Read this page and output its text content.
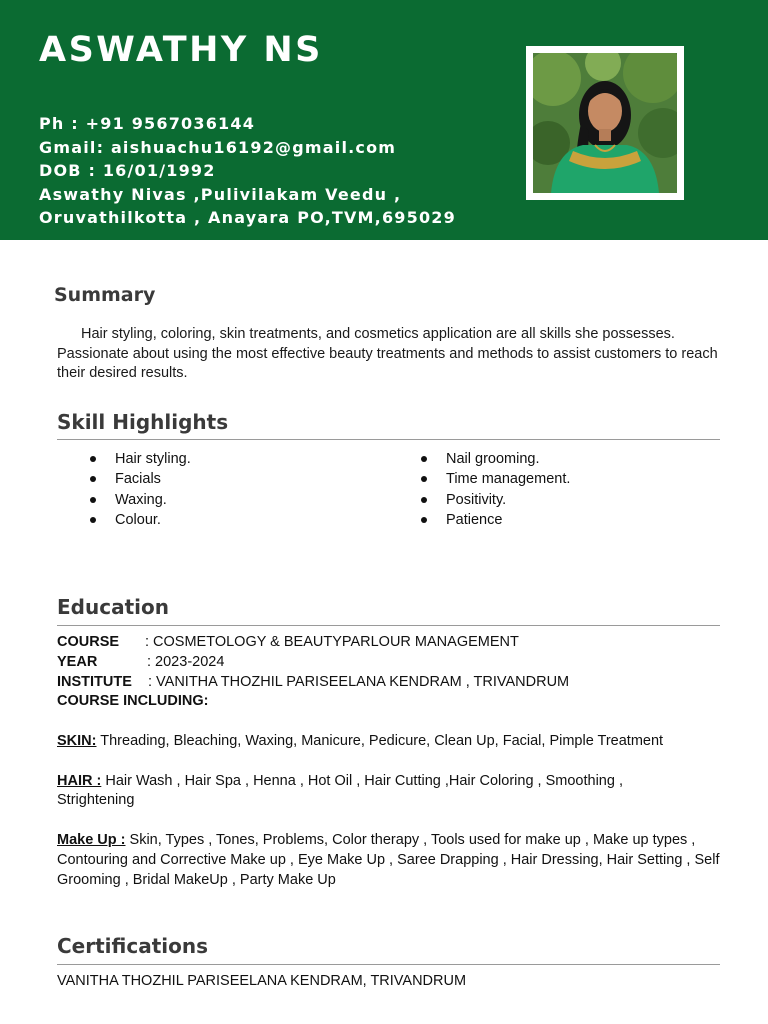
ASWATHY NS
Ph : +91 9567036144
Gmail: aishuachu16192@gmail.com
DOB : 16/01/1992
Aswathy Nivas ,Pulivilakam Veedu ,
Oruvathilkotta , Anayara PO,TVM,695029
Summary
Hair styling, coloring, skin treatments, and cosmetics application are all skills she possesses. Passionate about using the most effective beauty treatments and methods to assist customers to reach their desired results.
Skill Highlights
Hair styling.
Facials
Waxing.
Colour.
Nail grooming.
Time management.
Positivity.
Patience
Education
COURSE : COSMETOLOGY & BEAUTYPARLOUR MANAGEMENT
YEAR	: 2023-2024
INSTITUTE : VANITHA THOZHIL PARISEELANA KENDRAM , TRIVANDRUM
COURSE INCLUDING:
SKIN: Threading, Bleaching, Waxing, Manicure, Pedicure, Clean Up, Facial, Pimple Treatment
HAIR : Hair Wash , Hair Spa , Henna , Hot Oil , Hair Cutting ,Hair Coloring , Smoothing , Strightening
Make Up : Skin, Types , Tones, Problems, Color therapy , Tools used for make up , Make up types , Contouring and Corrective Make up , Eye Make Up , Saree Drapping , Hair Dressing, Hair Setting , Self Grooming , Bridal MakeUp , Party Make Up
Certifications
VANITHA THOZHIL PARISEELANA KENDRAM, TRIVANDRUM
